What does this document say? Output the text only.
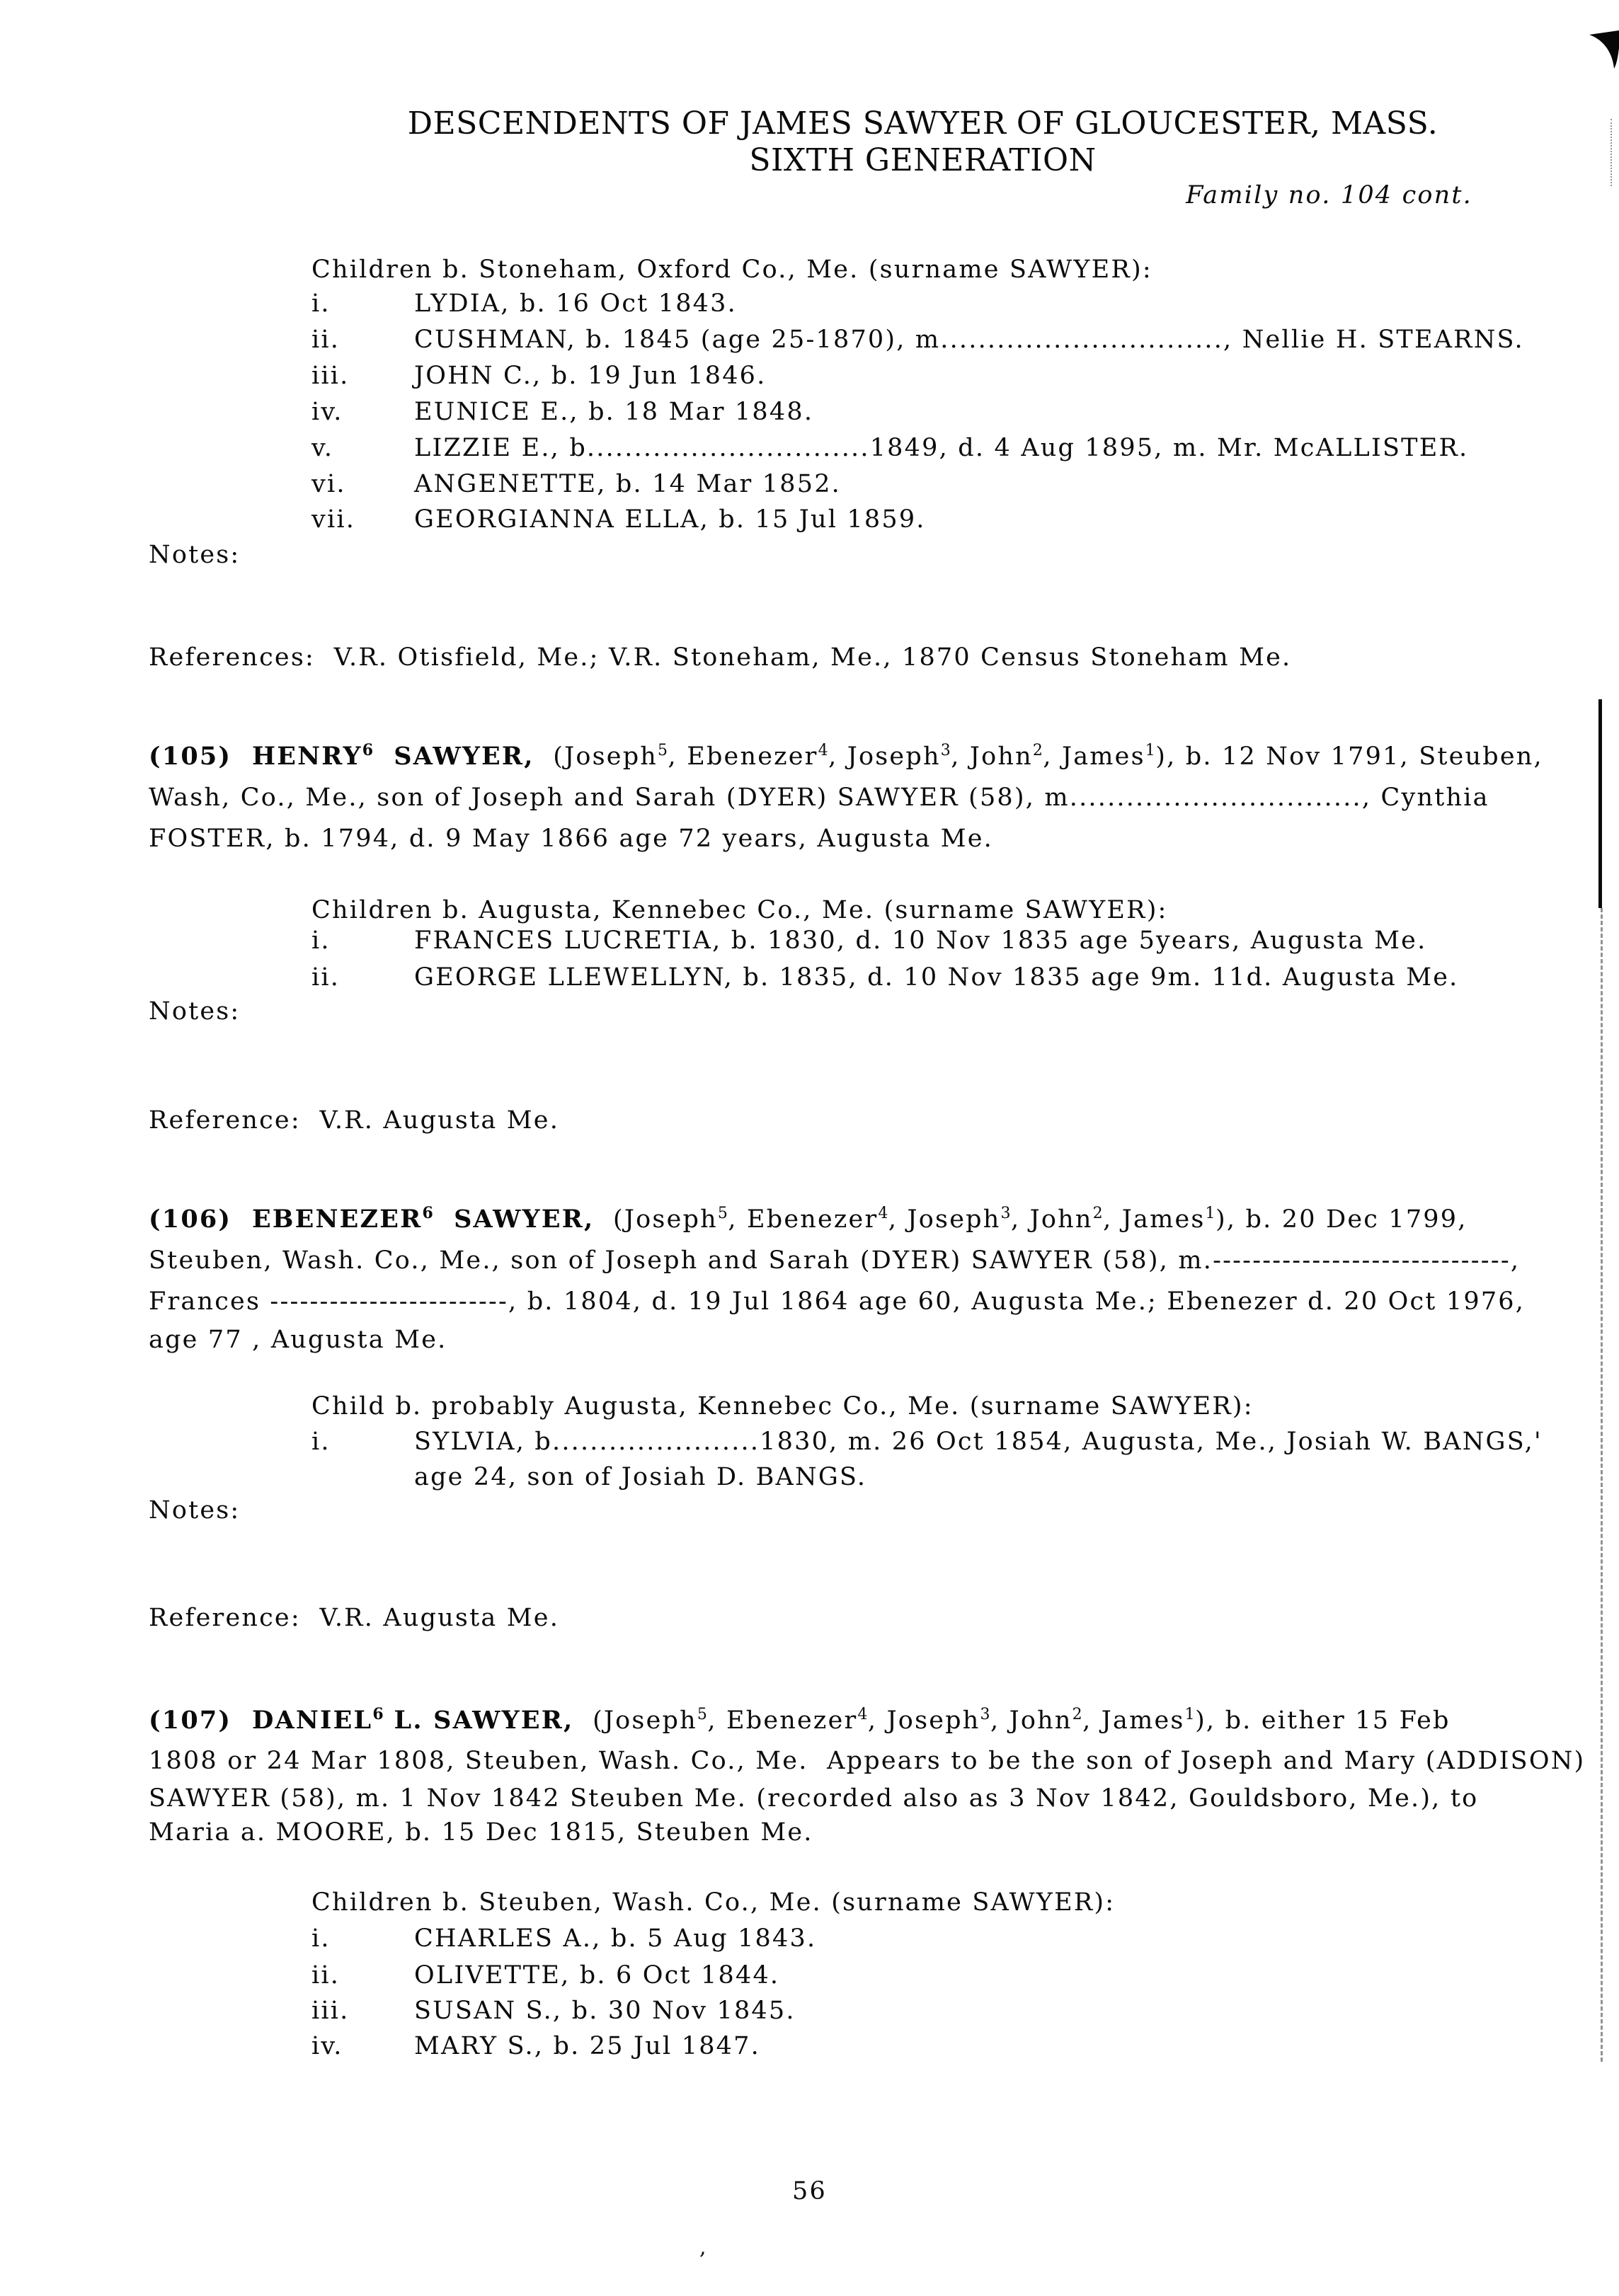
DESCENDENTS OF JAMES SAWYER OF GLOUCESTER, MASS.
SIXTH GENERATION
Family no. 104 cont.
Children b. Stoneham, Oxford Co., Me. (surname SAWYER):
i.	LYDIA, b. 16 Oct 1843.
ii.	CUSHMAN, b. 1845 (age 25-1870), m.............................., Nellie H. STEARNS.
iii.	JOHN C., b. 19 Jun 1846.
iv.	EUNICE E., b. 18 Mar 1848.
v.	LIZZIE E., b..............................1849, d. 4 Aug 1895, m. Mr. McALLISTER.
vi.	ANGENETTE, b. 14 Mar 1852.
vii. GEORGIANNA ELLA, b. 15 Jul 1859.
Notes:
References:  V.R. Otisfield, Me.; V.R. Stoneham, Me., 1870 Census Stoneham Me.
(105)  HENRY$^6$  SAWYER,  (Joseph$^5$, Ebenezer$^4$, Joseph$^3$, John$^2$, James$^1$), b. 12 Nov 1791, Steuben,
Wash, Co., Me., son of Joseph and Sarah (DYER) SAWYER (58), m..............................., Cynthia
FOSTER, b. 1794, d. 9 May 1866 age 72 years, Augusta Me.
Children b. Augusta, Kennebec Co., Me. (surname SAWYER):
i.	FRANCES LUCRETIA, b. 1830, d. 10 Nov 1835 age 5years, Augusta Me.
ii.	GEORGE LLEWELLYN, b. 1835, d. 10 Nov 1835 age 9m. 11d. Augusta Me.
Notes:
Reference:  V.R. Augusta Me.
(106)  EBENEZER$^6$  SAWYER,  (Joseph$^5$, Ebenezer$^4$, Joseph$^3$, John$^2$, James$^1$), b. 20 Dec 1799,
Steuben, Wash. Co., Me., son of Joseph and Sarah (DYER) SAWYER (58), m.------------------------------,
Frances ------------------------, b. 1804, d. 19 Jul 1864 age 60, Augusta Me.; Ebenezer d. 20 Oct 1976,
age 77 , Augusta Me.
Child b. probably Augusta, Kennebec Co., Me. (surname SAWYER):
i.	SYLVIA, b......................1830, m. 26 Oct 1854, Augusta, Me., Josiah W. BANGS,'
age 24, son of Josiah D. BANGS.
Notes:
Reference:  V.R. Augusta Me.
(107)  DANIEL$^6$ L. SAWYER,  (Joseph$^5$, Ebenezer$^4$, Joseph$^3$, John$^2$, James$^1$), b. either 15 Feb
1808 or 24 Mar 1808, Steuben, Wash. Co., Me.  Appears to be the son of Joseph and Mary (ADDISON)
SAWYER (58), m. 1 Nov 1842 Steuben Me. (recorded also as 3 Nov 1842, Gouldsboro, Me.), to
Maria a. MOORE, b. 15 Dec 1815, Steuben Me.
Children b. Steuben, Wash. Co., Me. (surname SAWYER):
i.	CHARLES A., b. 5 Aug 1843.
ii.	OLIVETTE, b. 6 Oct 1844.
iii.	SUSAN S., b. 30 Nov 1845.
iv.	MARY S., b. 25 Jul 1847.
56
,
